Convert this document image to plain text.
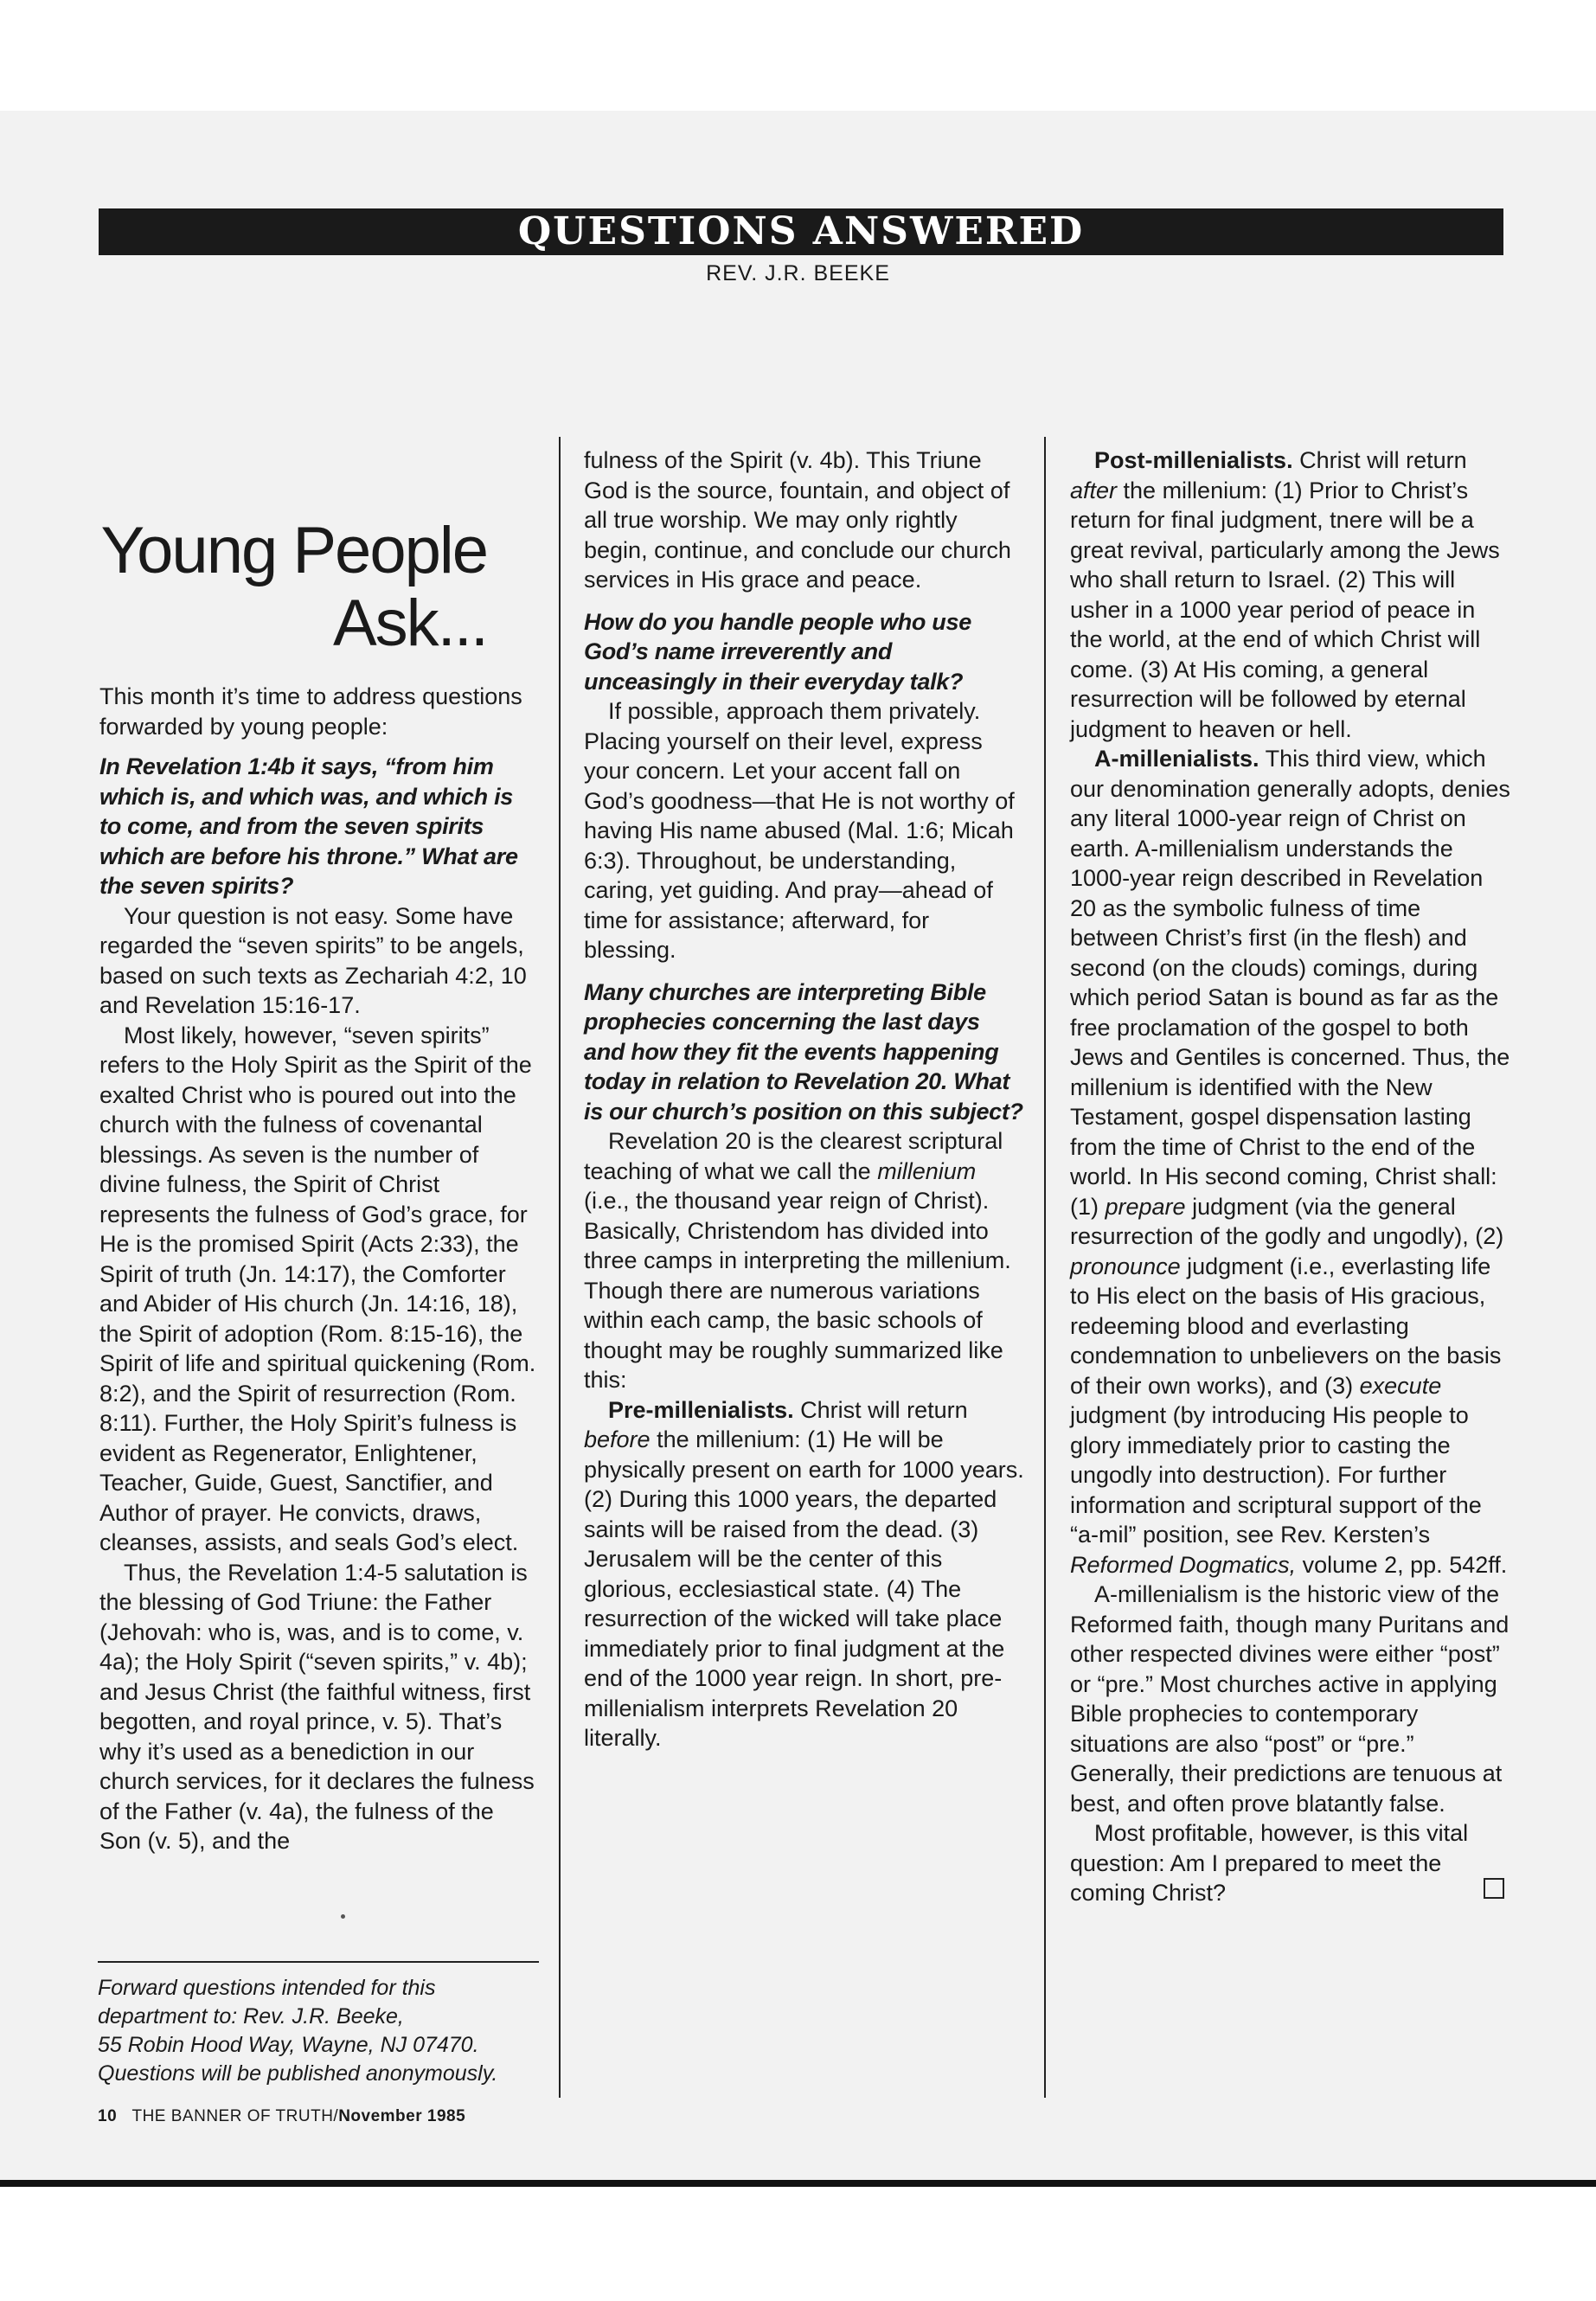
QUESTIONS ANSWERED
REV. J.R. BEEKE
Young People
Ask...

This month it’s time to address questions forwarded by young people:

In Revelation 1:4b it says, “from him which is, and which was, and which is to come, and from the seven spirits which are before his throne.” What are the seven spirits?

Your question is not easy. Some have regarded the “seven spirits” to be angels, based on such texts as Zechariah 4:2, 10 and Revelation 15:16-17.

Most likely, however, “seven spirits” refers to the Holy Spirit as the Spirit of the exalted Christ who is poured out into the church with the fulness of covenantal blessings. As seven is the number of divine fulness, the Spirit of Christ represents the fulness of God’s grace, for He is the promised Spirit (Acts 2:33), the Spirit of truth (Jn. 14:17), the Comforter and Abider of His church (Jn. 14:16, 18), the Spirit of adoption (Rom. 8:15-16), the Spirit of life and spiritual quickening (Rom. 8:2), and the Spirit of resurrection (Rom. 8:11). Further, the Holy Spirit’s fulness is evident as Regenerator, Enlightener, Teacher, Guide, Guest, Sanctifier, and Author of prayer. He convicts, draws, cleanses, assists, and seals God’s elect.

Thus, the Revelation 1:4-5 salutation is the blessing of God Triune: the Father (Jehovah: who is, was, and is to come, v. 4a); the Holy Spirit (“seven spirits,” v. 4b); and Jesus Christ (the faithful witness, first begotten, and royal prince, v. 5). That’s why it’s used as a benediction in our church services, for it declares the fulness of the Father (v. 4a), the fulness of the Son (v. 5), and the

Forward questions intended for this
department to: Rev. J.R. Beeke,
55 Robin Hood Way, Wayne, NJ 07470.
Questions will be published anonymously.
10 THE BANNER OF TRUTH/November 1985

fulness of the Spirit (v. 4b). This Triune God is the source, fountain, and object of all true worship. We may only rightly begin, continue, and conclude our church services in His grace and peace.

How do you handle people who use God’s name irreverently and unceasingly in their everyday talk?

If possible, approach them privately. Placing yourself on their level, express your concern. Let your accent fall on God’s goodness—that He is not worthy of having His name abused (Mal. 1:6; Micah 6:3). Throughout, be understanding, caring, yet guiding. And pray—ahead of time for assistance; afterward, for blessing.

Many churches are interpreting Bible prophecies concerning the last days and how they fit the events happening today in relation to Revelation 20. What is our church’s position on this subject?

Revelation 20 is the clearest scriptural teaching of what we call the millenium (i.e., the thousand year reign of Christ). Basically, Christendom has divided into three camps in interpreting the millenium. Though there are numerous variations within each camp, the basic schools of thought may be roughly summarized like this:

Pre-millenialists. Christ will return before the millenium: (1) He will be physically present on earth for 1000 years. (2) During this 1000 years, the departed saints will be raised from the dead. (3) Jerusalem will be the center of this glorious, ecclesiastical state. (4) The resurrection of the wicked will take place immediately prior to final judgment at the end of the 1000 year reign. In short, pre-millenialism interprets Revelation 20 literally.

Post-millenialists. Christ will return after the millenium: (1) Prior to Christ’s return for final judgment, tnere will be a great revival, particularly among the Jews who shall return to Israel. (2) This will usher in a 1000 year period of peace in the world, at the end of which Christ will come. (3) At His coming, a general resurrection will be followed by eternal judgment to heaven or hell.

A-millenialists. This third view, which our denomination generally adopts, denies any literal 1000-year reign of Christ on earth. A-millenialism understands the 1000-year reign described in Revelation 20 as the symbolic fulness of time between Christ’s first (in the flesh) and second (on the clouds) comings, during which period Satan is bound as far as the free proclamation of the gospel to both Jews and Gentiles is concerned. Thus, the millenium is identified with the New Testament, gospel dispensation lasting from the time of Christ to the end of the world. In His second coming, Christ shall: (1) prepare judgment (via the general resurrection of the godly and ungodly), (2) pronounce judgment (i.e., everlasting life to His elect on the basis of His gracious, redeeming blood and everlasting condemnation to unbelievers on the basis of their own works), and (3) execute judgment (by introducing His people to glory immediately prior to casting the ungodly into destruction). For further information and scriptural support of the “a-mil” position, see Rev. Kersten’s Reformed Dogmatics, volume 2, pp. 542ff.

A-millenialism is the historic view of the Reformed faith, though many Puritans and other respected divines were either “post” or “pre.” Most churches active in applying Bible prophecies to contemporary situations are also “post” or “pre.” Generally, their predictions are tenuous at best, and often prove blatantly false.

Most profitable, however, is this vital question: Am I prepared to meet the coming Christ?
